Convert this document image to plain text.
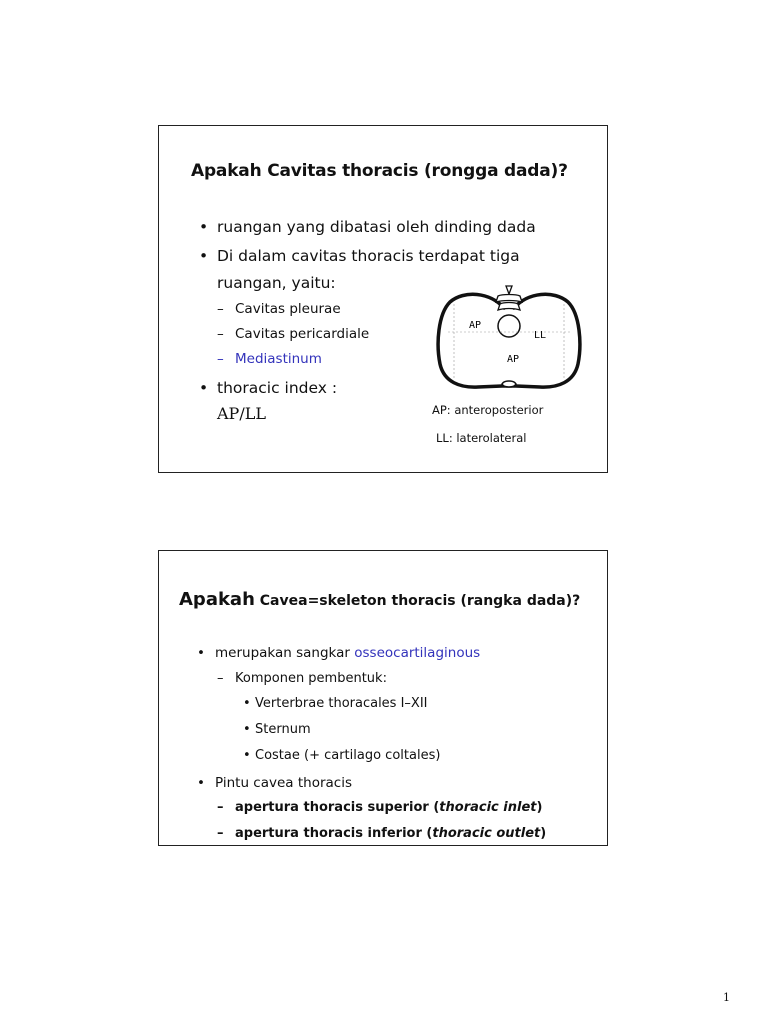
Apakah Cavitas thoracis (rongga dada)?
• ruangan yang dibatasi oleh dinding dada
• Di dalam cavitas thoracis terdapat tiga
ruangan, yaitu:
– Cavitas pleurae
– Cavitas pericardiale
– Mediastinum
• thoracic index :
AP/LL
AP
LL
AP
AP: anteroposterior
LL: laterolateral
Apakah Cavea=skeleton thoracis (rangka dada)?
• merupakan sangkar osseocartilaginous
– Komponen pembentuk:
• Verterbrae thoracales I–XII
• Sternum
• Costae (+ cartilago coltales)
• Pintu cavea thoracis
– apertura thoracis superior (thoracic inlet)
– apertura thoracis inferior (thoracic outlet)
1
